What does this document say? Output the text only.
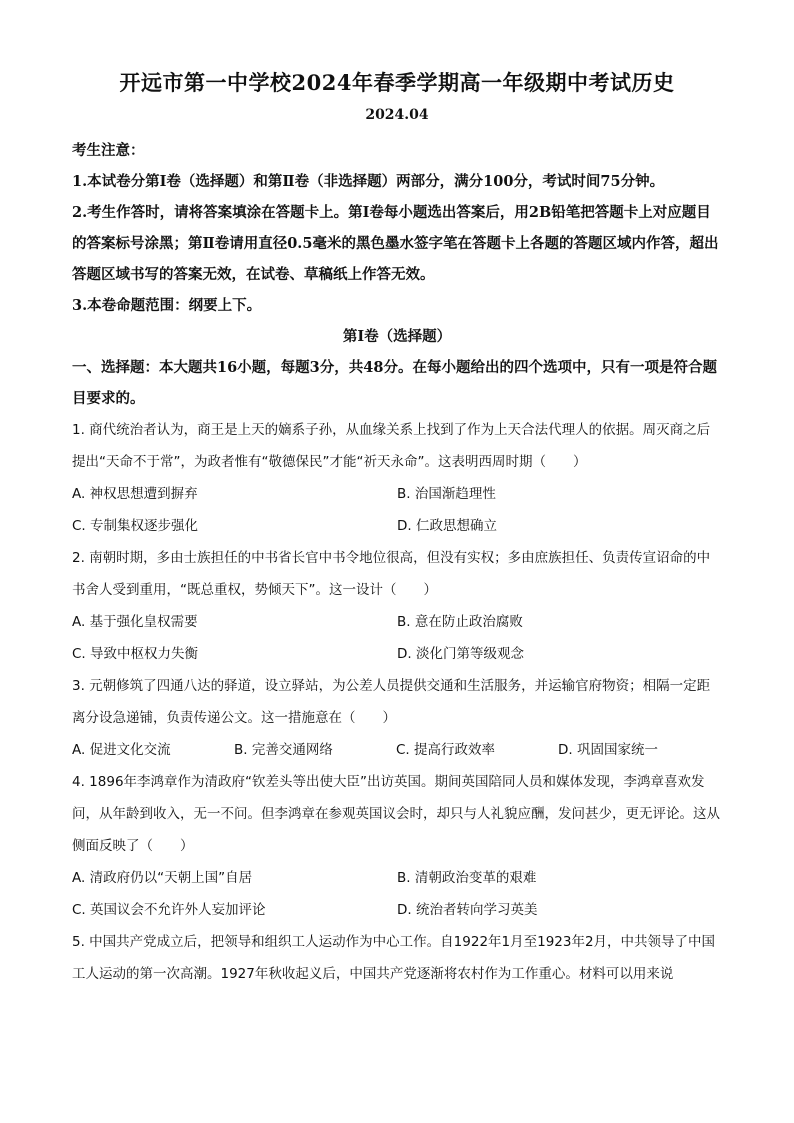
开远市第一中学校2024年春季学期高一年级期中考试历史
2024.04
考生注意：
1.本试卷分第Ⅰ卷（选择题）和第Ⅱ卷（非选择题）两部分，满分100分，考试时间75分钟。
2.考生作答时，请将答案填涂在答题卡上。第Ⅰ卷每小题选出答案后，用2B铅笔把答题卡上对应题目的答案标号涂黑；第Ⅱ卷请用直径0.5毫米的黑色墨水签字笔在答题卡上各题的答题区域内作答，超出答题区域书写的答案无效，在试卷、草稿纸上作答无效。
3.本卷命题范围：纲要上下。
第Ⅰ卷（选择题）
一、选择题：本大题共16小题，每题3分，共48分。在每小题给出的四个选项中，只有一项是符合题目要求的。
1. 商代统治者认为，商王是上天的嫡系子孙，从血缘关系上找到了作为上天合法代理人的依据。周灭商之后提出“天命不于常”，为政者惟有“敬德保民”才能“祈天永命”。这表明西周时期（　　）
A. 神权思想遭到摒弃	B. 治国渐趋理性
C. 专制集权逐步强化	D. 仁政思想确立
2. 南朝时期，多由士族担任的中书省长官中书令地位很高，但没有实权；多由庶族担任、负责传宣诏命的中书舍人受到重用，“既总重权，势倾天下”。这一设计（　　）
A. 基于强化皇权需要	B. 意在防止政治腐败
C. 导致中枢权力失衡	D. 淡化门第等级观念
3. 元朝修筑了四通八达的驿道，设立驿站，为公差人员提供交通和生活服务，并运输官府物资；相隔一定距离分设急递铺，负责传递公文。这一措施意在（　　）
A. 促进文化交流	B. 完善交通网络	C. 提高行政效率	D. 巩固国家统一
4. 1896年李鸿章作为清政府“钦差头等出使大臣”出访英国。期间英国陪同人员和媒体发现，李鸿章喜欢发问，从年龄到收入，无一不问。但李鸿章在参观英国议会时，却只与人礼貌应酬，发问甚少，更无评论。这从侧面反映了（　　）
A. 清政府仍以“天朝上国”自居	B. 清朝政治变革的艰难
C. 英国议会不允许外人妄加评论	D. 统治者转向学习英美
5. 中国共产党成立后，把领导和组织工人运动作为中心工作。自1922年1月至1923年2月，中共领导了中国工人运动的第一次高潮。1927年秋收起义后，中国共产党逐渐将农村作为工作重心。材料可以用来说
